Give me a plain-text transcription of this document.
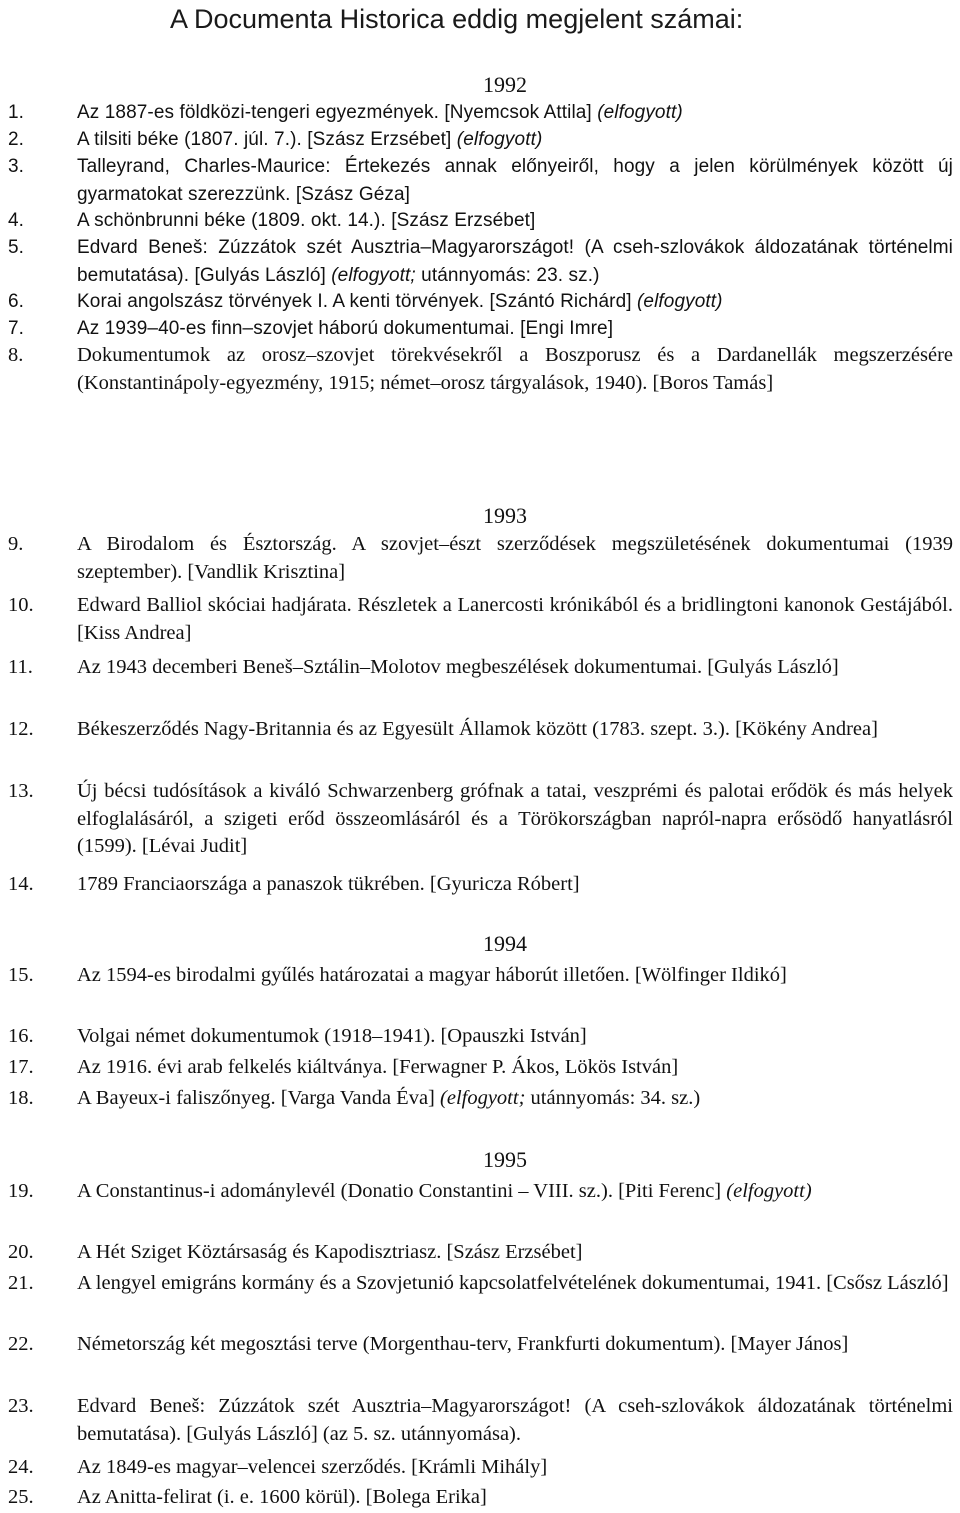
A Documenta Historica eddig megjelent számai:
1992
1.	Az 1887-es földközi-tengeri egyezmények. [Nyemcsok Attila] (elfogyott)
2.	A tilsiti béke (1807. júl. 7.). [Szász Erzsébet] (elfogyott)
3.	Talleyrand, Charles-Maurice: Értekezés annak előnyeiről, hogy a jelen körülmények között új gyarmatokat szerezzünk. [Szász Géza]
4.	A schönbrunni béke (1809. okt. 14.). [Szász Erzsébet]
5.	Edvard Beneš: Zúzzátok szét Ausztria–Magyarországot! (A cseh-szlovákok áldozatának történelmi bemutatása). [Gulyás László] (elfogyott; utánnyomás: 23. sz.)
6.	Korai angolszász törvények I. A kenti törvények. [Szántó Richárd] (elfogyott)
7.	Az 1939–40-es finn–szovjet háború dokumentumai. [Engi Imre]
8.	Dokumentumok az orosz–szovjet törekvésekről a Boszporusz és a Dardanellák megszerzésére (Konstantinápoly-egyezmény, 1915; német–orosz tárgyalások, 1940). [Boros Tamás]
1993
9.	A Birodalom és Észtország. A szovjet–észt szerződések megszületésének dokumentumai (1939 szeptember). [Vandlik Krisztina]
10. Edward Balliol skóciai hadjárata. Részletek a Lanercosti krónikából és a bridlingtoni kanonok Gestájából. [Kiss Andrea]
11. Az 1943 decemberi Beneš–Sztálin–Molotov megbeszélések dokumentumai. [Gulyás László]
12. Békeszerződés Nagy-Britannia és az Egyesült Államok között (1783. szept. 3.). [Kökény Andrea]
13. Új bécsi tudósítások a kiváló Schwarzenberg grófnak a tatai, veszprémi és palotai erődök és más helyek elfoglalásáról, a szigeti erőd összeomlásáról és a Törökországban napról-napra erősödő hanyatlásról (1599). [Lévai Judit]
14. 1789 Franciaországa a panaszok tükrében. [Gyuricza Róbert]
1994
15. Az 1594-es birodalmi gyűlés határozatai a magyar háborút illetően. [Wölfinger Ildikó]
16. Volgai német dokumentumok (1918–1941). [Opauszki István]
17. Az 1916. évi arab felkelés kiáltványa. [Ferwagner P. Ákos, Lökös István]
18. A Bayeux-i faliszőnyeg. [Varga Vanda Éva] (elfogyott; utánnyomás: 34. sz.)
1995
19. A Constantinus-i adománylevél (Donatio Constantini – VIII. sz.). [Piti Ferenc] (elfogyott)
20. A Hét Sziget Köztársaság és Kapodisztriasz. [Szász Erzsébet]
21. A lengyel emigráns kormány és a Szovjetunió kapcsolatfelvételének dokumentumai, 1941. [Csősz László]
22. Németország két megosztási terve (Morgenthau-terv, Frankfurti dokumentum). [Mayer János]
23. Edvard Beneš: Zúzzátok szét Ausztria–Magyarországot! (A cseh-szlovákok áldozatának történelmi bemutatása). [Gulyás László] (az 5. sz. utánnyomása).
24. Az 1849-es magyar–velencei szerződés. [Krámli Mihály]
25. Az Anitta-felirat (i. e. 1600 körül). [Bolega Erika]
